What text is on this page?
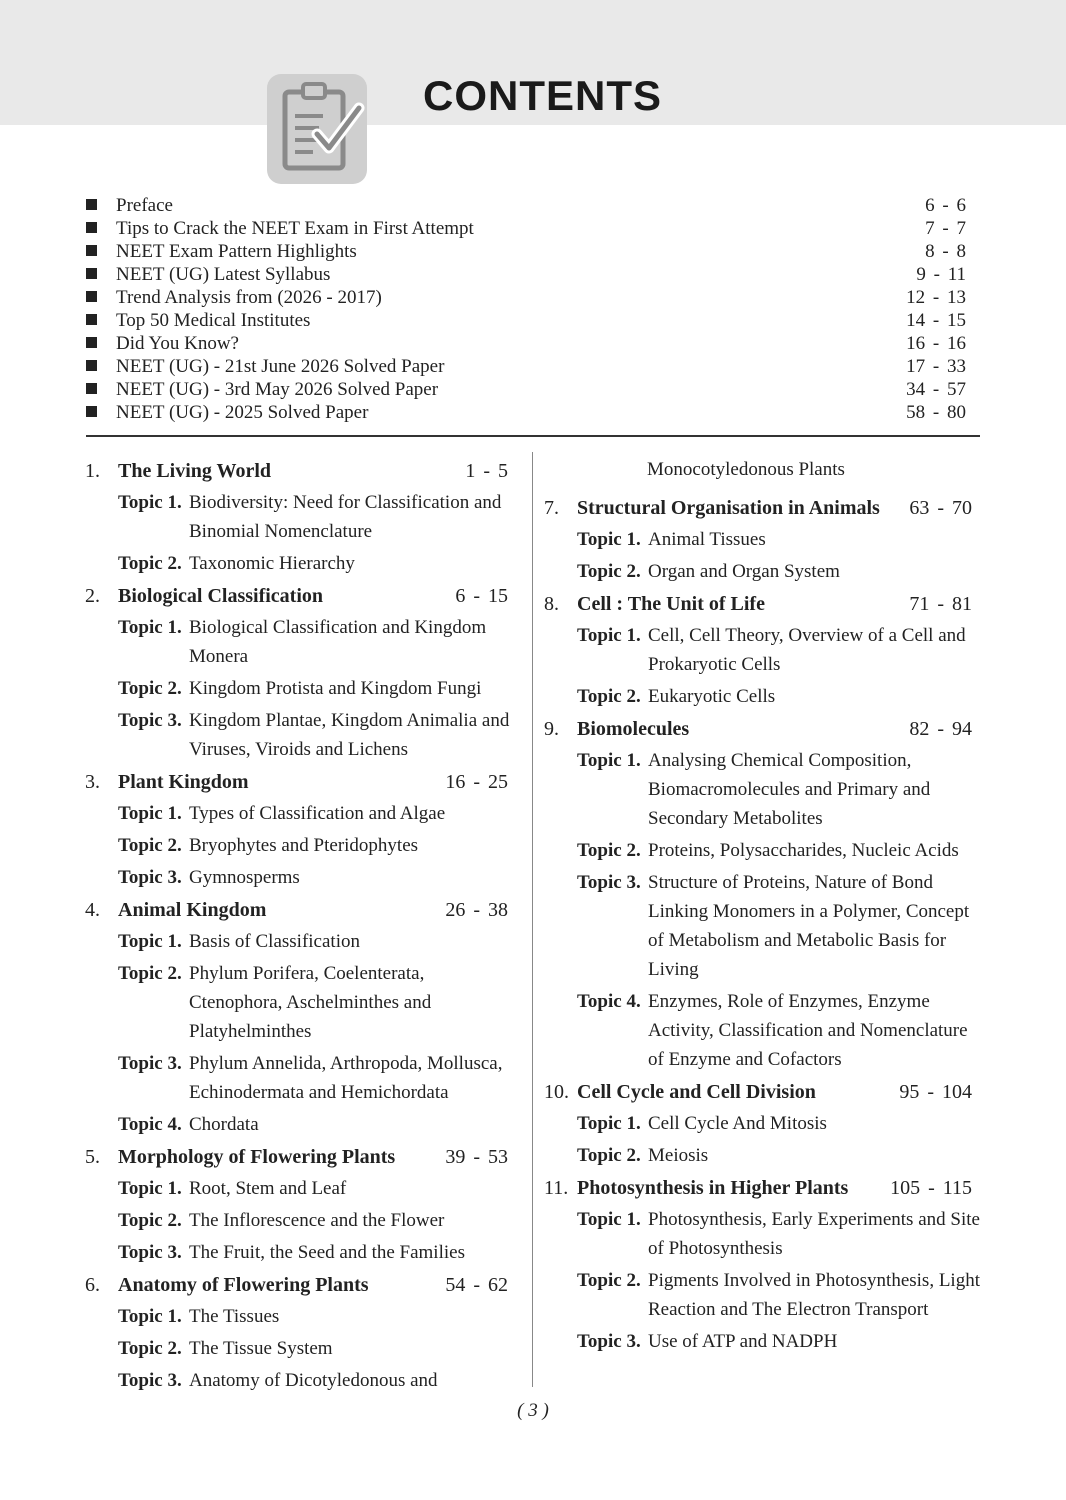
CONTENTS
Preface	6 - 6
Tips to Crack the NEET Exam in First Attempt	7 - 7
NEET Exam Pattern Highlights	8 - 8
NEET (UG) Latest Syllabus	9 - 11
Trend Analysis from (2026 - 2017)	12 - 13
Top 50 Medical Institutes	14 - 15
Did You Know?	16 - 16
NEET (UG) - 21st June 2026 Solved Paper	17 - 33
NEET (UG) - 3rd May 2026 Solved Paper	34 - 57
NEET (UG) - 2025 Solved Paper	58 - 80
1. The Living World	1 - 5
Topic 1. Biodiversity: Need for Classification and Binomial Nomenclature
Topic 2. Taxonomic Hierarchy
2. Biological Classification	6 - 15
Topic 1. Biological Classification and Kingdom Monera
Topic 2. Kingdom Protista and Kingdom Fungi
Topic 3. Kingdom Plantae, Kingdom Animalia and Viruses, Viroids and Lichens
3. Plant Kingdom	16 - 25
Topic 1. Types of Classification and Algae
Topic 2. Bryophytes and Pteridophytes
Topic 3. Gymnosperms
4. Animal Kingdom	26 - 38
Topic 1. Basis of Classification
Topic 2. Phylum Porifera, Coelenterata, Ctenophora, Aschelminthes and Platyhelminthes
Topic 3. Phylum Annelida, Arthropoda, Mollusca, Echinodermata and Hemichordata
Topic 4. Chordata
5. Morphology of Flowering Plants	39 - 53
Topic 1. Root, Stem and Leaf
Topic 2. The Inflorescence and the Flower
Topic 3. The Fruit, the Seed and the Families
6. Anatomy of Flowering Plants	54 - 62
Topic 1. The Tissues
Topic 2. The Tissue System
Topic 3. Anatomy of Dicotyledonous and
Monocotyledonous Plants
7. Structural Organisation in Animals 63 - 70
Topic 1. Animal Tissues
Topic 2. Organ and Organ System
8. Cell : The Unit of Life	71 - 81
Topic 1. Cell, Cell Theory, Overview of a Cell and Prokaryotic Cells
Topic 2. Eukaryotic Cells
9. Biomolecules	82 - 94
Topic 1. Analysing Chemical Composition, Biomacromolecules and Primary and Secondary Metabolites
Topic 2. Proteins, Polysaccharides, Nucleic Acids
Topic 3. Structure of Proteins, Nature of Bond Linking Monomers in a Polymer, Concept of Metabolism and Metabolic Basis for Living
Topic 4. Enzymes, Role of Enzymes, Enzyme Activity, Classification and Nomenclature of Enzyme and Cofactors
10. Cell Cycle and Cell Division	95 - 104
Topic 1. Cell Cycle And Mitosis
Topic 2. Meiosis
11. Photosynthesis in Higher Plants 105 - 115
Topic 1. Photosynthesis, Early Experiments and Site of Photosynthesis
Topic 2. Pigments Involved in Photosynthesis, Light Reaction and The Electron Transport
Topic 3. Use of ATP and NADPH
( 3 )
